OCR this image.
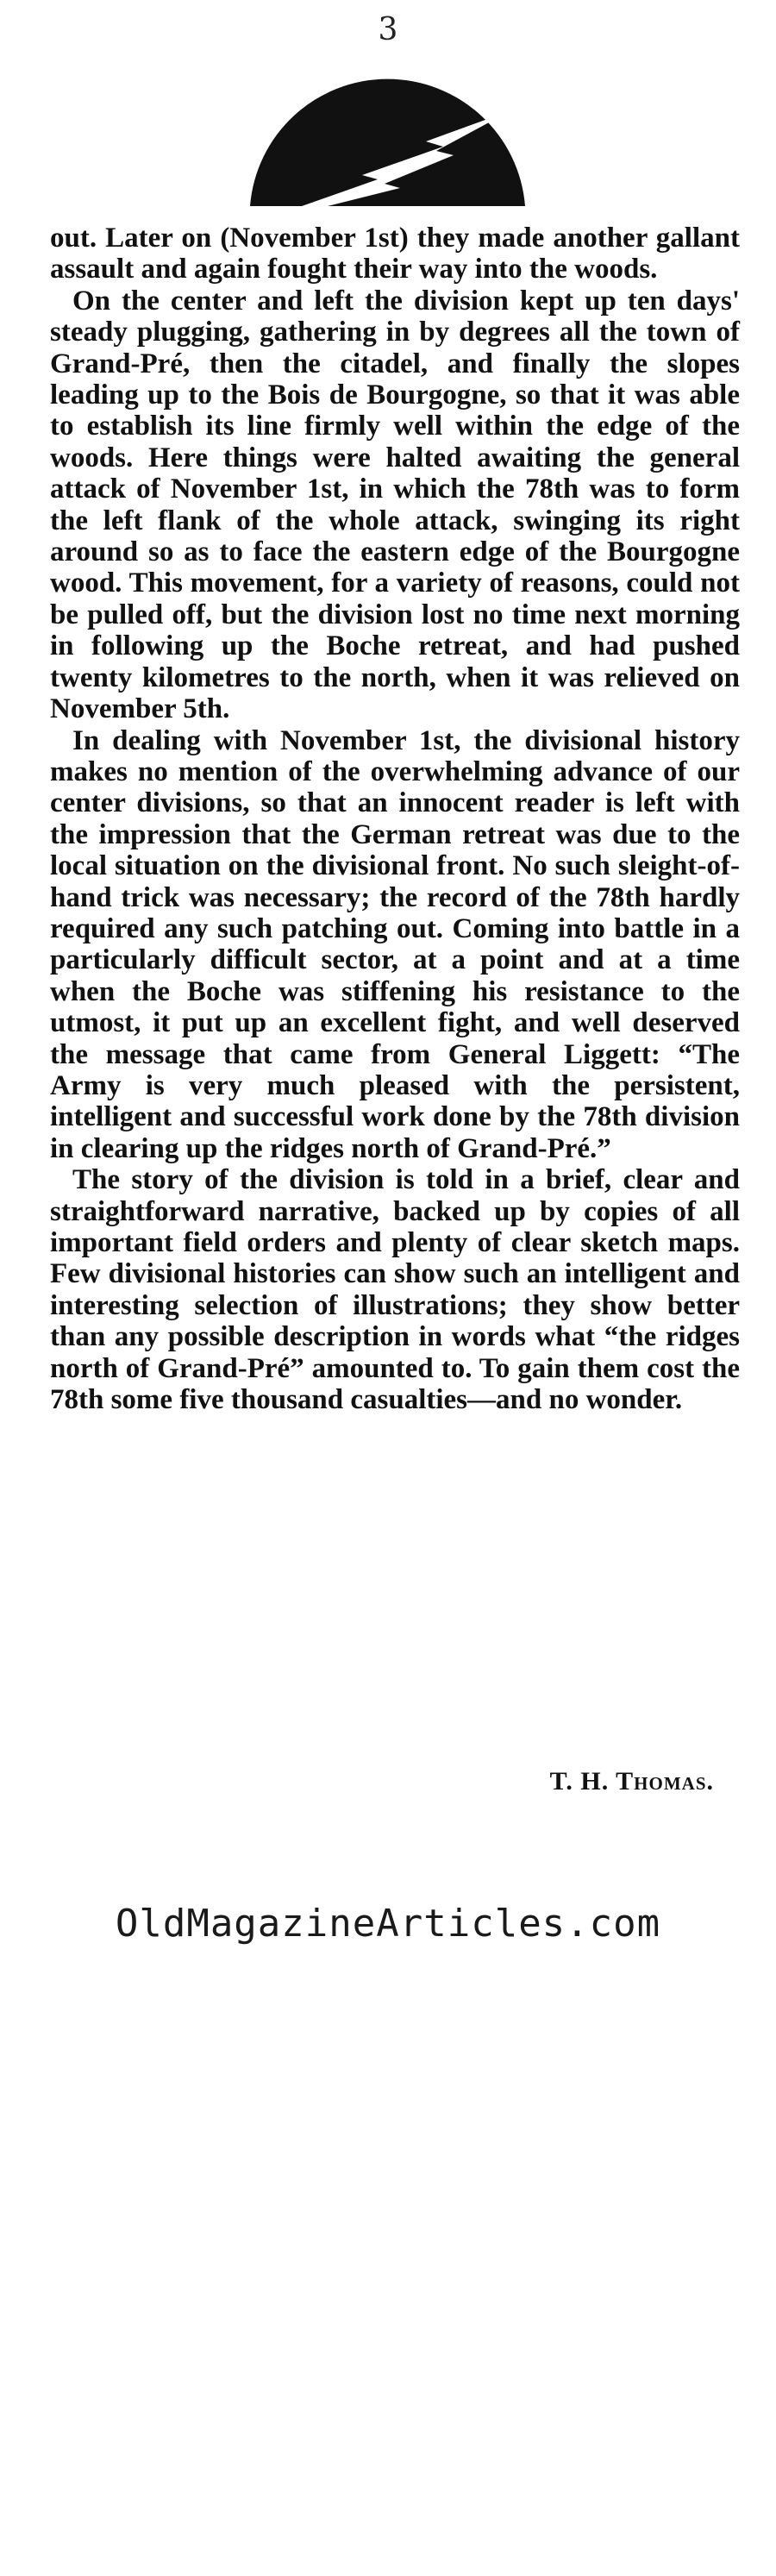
3

out. Later on (November 1st) they made another gallant assault and again fought their way into the woods.

On the center and left the division kept up ten days' steady plugging, gathering in by degrees all the town of Grand-Pré, then the citadel, and finally the slopes leading up to the Bois de Bourgogne, so that it was able to establish its line firmly well within the edge of the woods. Here things were halted awaiting the general attack of November 1st, in which the 78th was to form the left flank of the whole attack, swinging its right around so as to face the eastern edge of the Bourgogne wood. This movement, for a variety of reasons, could not be pulled off, but the division lost no time next morning in following up the Boche retreat, and had pushed twenty kilometres to the north, when it was relieved on November 5th.

In dealing with November 1st, the divisional history makes no mention of the overwhelming advance of our center divisions, so that an innocent reader is left with the impression that the German retreat was due to the local situation on the divisional front. No such sleight-of-hand trick was necessary; the record of the 78th hardly required any such patching out. Coming into battle in a particularly difficult sector, at a point and at a time when the Boche was stiffening his resistance to the utmost, it put up an excellent fight, and well deserved the message that came from General Liggett: “The Army is very much pleased with the persistent, intelligent and successful work done by the 78th division in clearing up the ridges north of Grand-Pré.”

The story of the division is told in a brief, clear and straightforward narrative, backed up by copies of all important field orders and plenty of clear sketch maps. Few divisional histories can show such an intelligent and interesting selection of illustrations; they show better than any possible description in words what “the ridges north of Grand-Pré” amounted to. To gain them cost the 78th some five thousand casualties—and no wonder.

T. H. Thomas.
OldMagazineArticles.com
